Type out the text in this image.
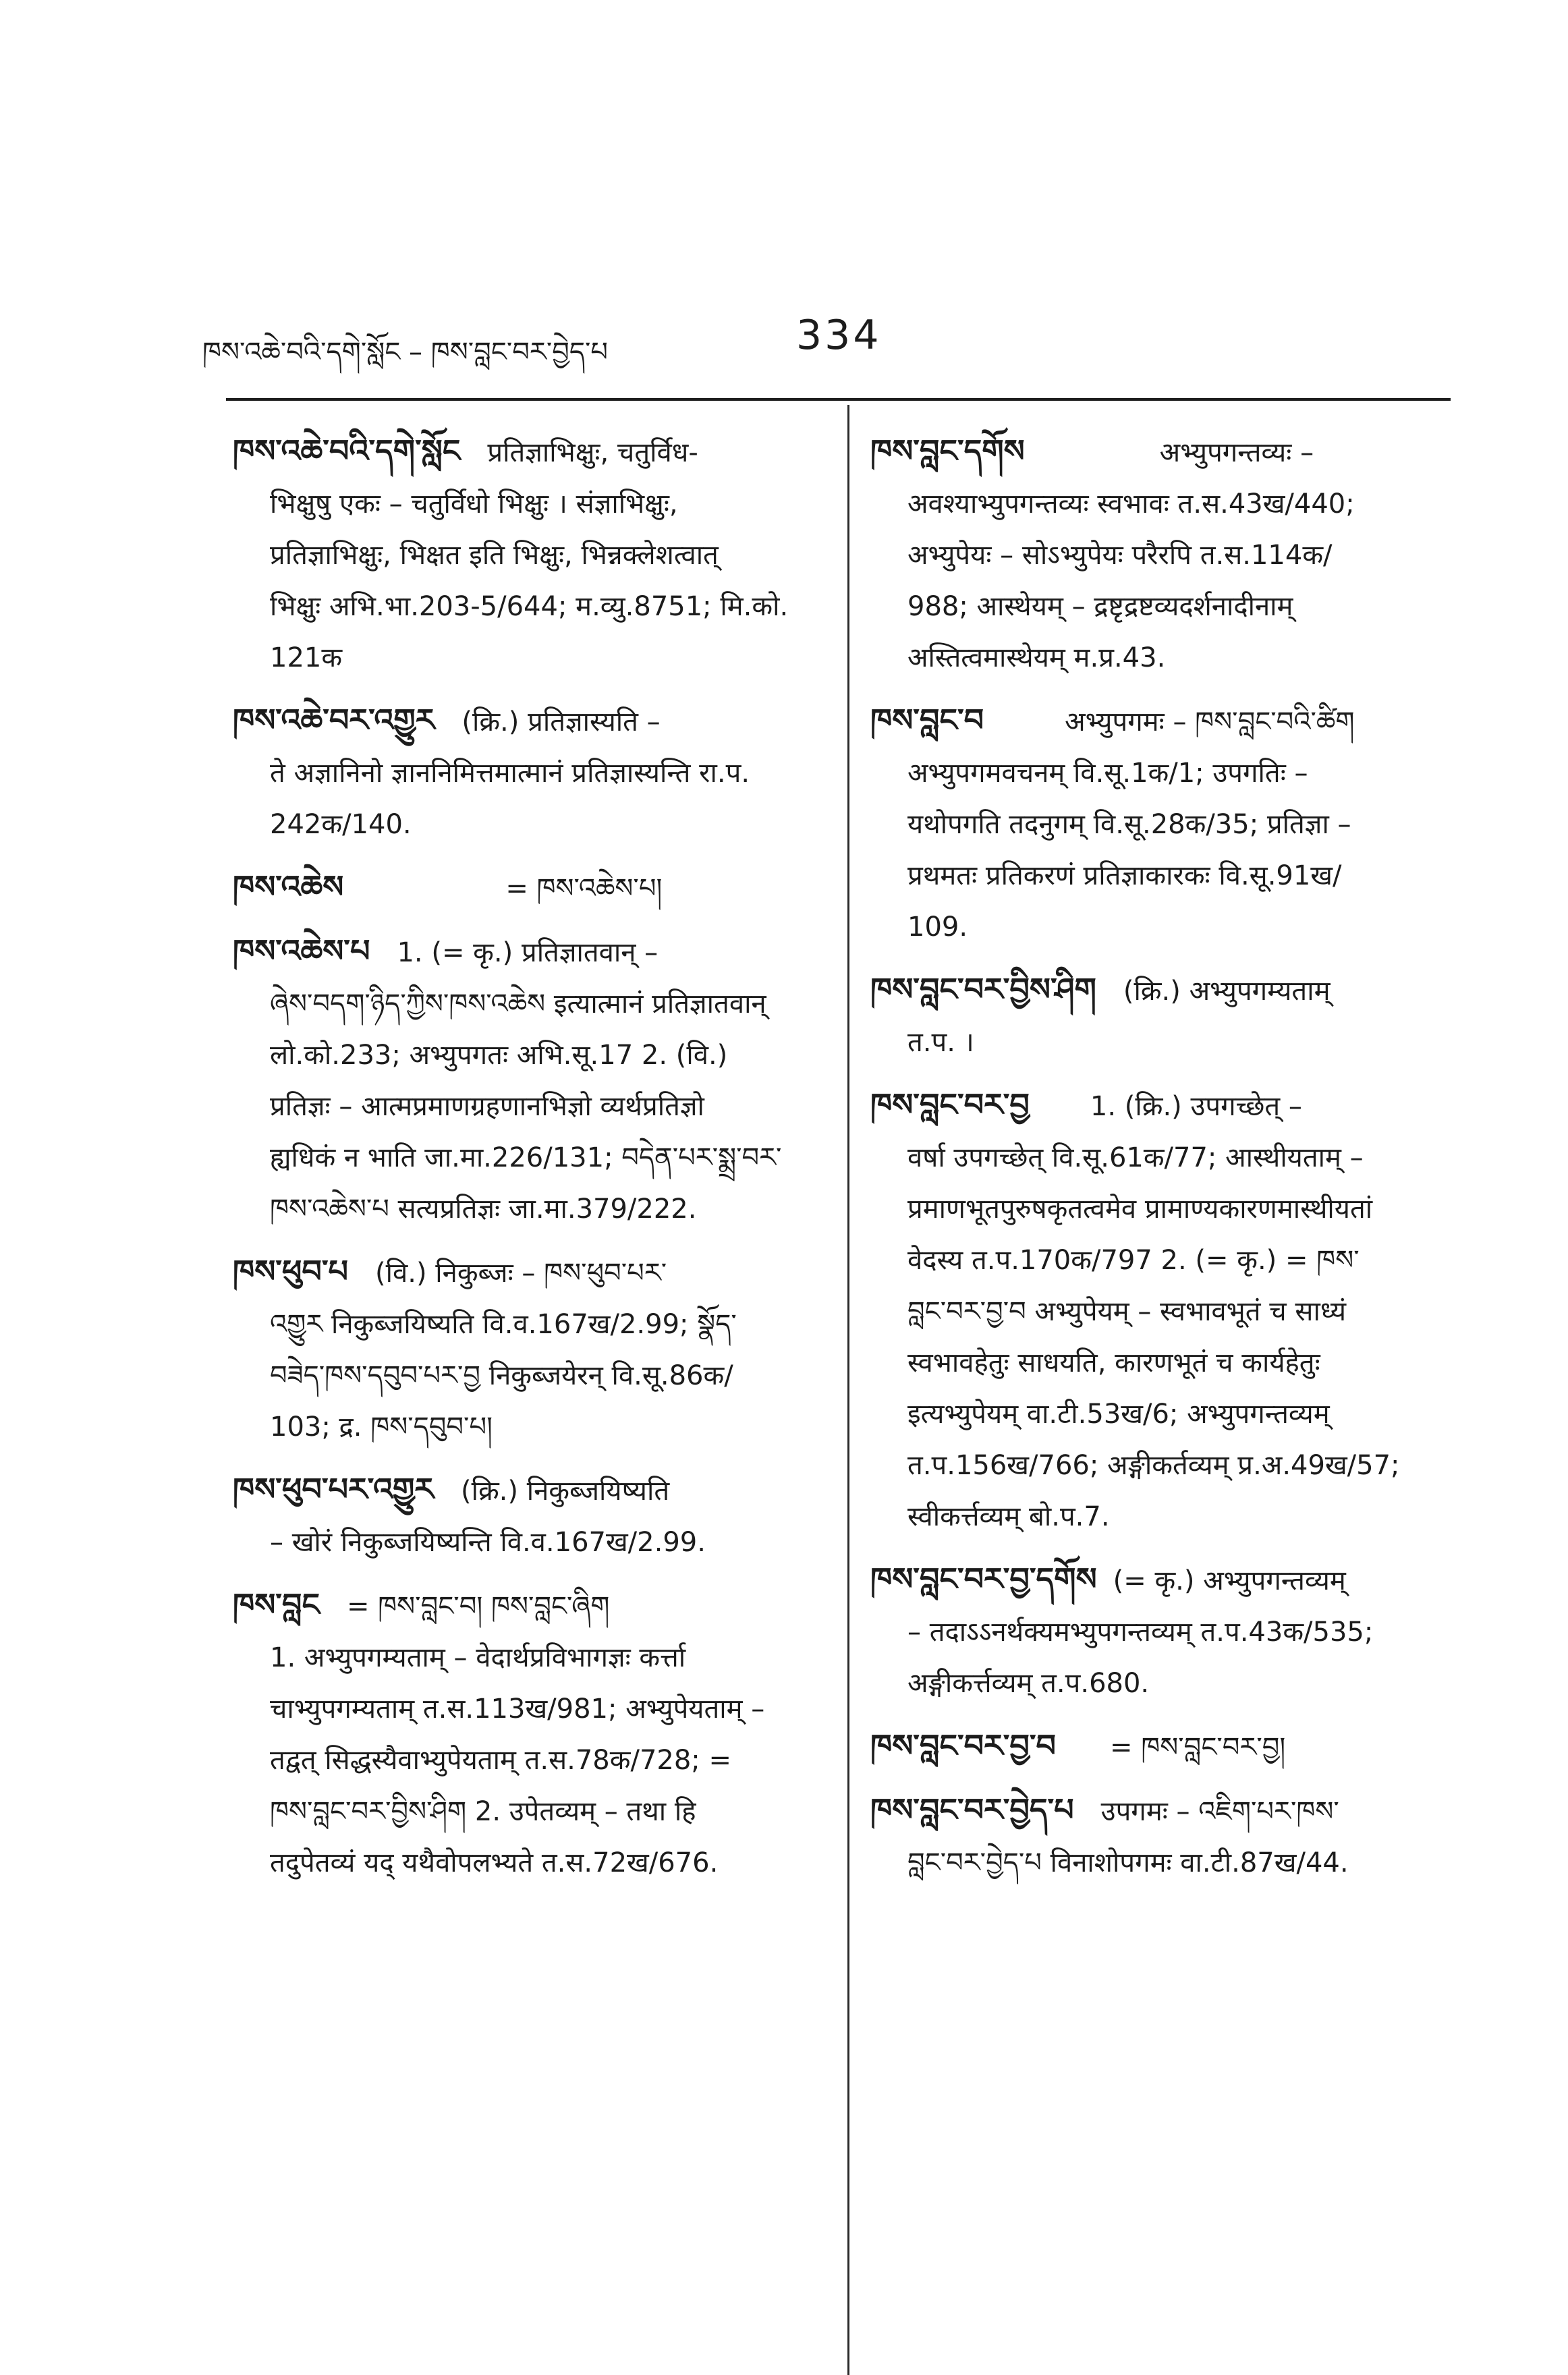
ཁས་འཆེ་བའི་དགེ་སློང – ཁས་བླང་བར་བྱེད་པ	334
ཁས་འཆེ་བའི་དགེ་སློང प्रतिज्ञाभिक्षुः, चतुर्विध-
भिक्षुषु एकः – चतुर्विधो भिक्षुः । संज्ञाभिक्षुः,
प्रतिज्ञाभिक्षुः, भिक्षत इति भिक्षुः, भिन्नक्लेशत्वात्
भिक्षुः अभि.भा.203-5/644; म.व्यु.8751; मि.को.
121क
ཁས་འཆེ་བར་འགྱུར (क्रि.) प्रतिज्ञास्यति –
ते अज्ञानिनो ज्ञाननिमित्तमात्मानं प्रतिज्ञास्यन्ति रा.प.
242क/140.
ཁས་འཆེས	= ཁས་འཆེས་པ།
ཁས་འཆེས་པ 1. (= कृ.) प्रतिज्ञातवान् –
ཞེས་བདག་ཉིད་ཀྱིས་ཁས་འཆེས इत्यात्मानं प्रतिज्ञातवान्
लो.को.233; अभ्युपगतः अभि.सू.17 2. (वि.)
प्रतिज्ञः – आत्मप्रमाणग्रहणानभिज्ञो व्यर्थप्रतिज्ञो
ह्यधिकं न भाति जा.मा.226/131; བདེན་པར་སྨྲ་བར་
ཁས་འཆེས་པ सत्यप्रतिज्ञः जा.मा.379/222.
ཁས་ཕུབ་པ (वि.) निकुब्जः – ཁས་ཕུབ་པར་
འགྱུར निकुब्जयिष्यति वि.व.167ख/2.99; སྣོད་
བཟེད་ཁས་དབུབ་པར་བྱ निकुब्जयेरन् वि.सू.86क/
103; द्र. ཁས་དབུབ་པ།
ཁས་ཕུབ་པར་འགྱུར (क्रि.) निकुब्जयिष्यति
– खोरं निकुब्जयिष्यन्ति वि.व.167ख/2.99.
ཁས་བླང = ཁས་བླང་བ། ཁས་བླང་ཞིག
1. अभ्युपगम्यताम् – वेदार्थप्रविभागज्ञः कर्त्ता
चाभ्युपगम्यताम् त.स.113ख/981; अभ्युपेयताम् –
तद्वत् सिद्धस्यैवाभ्युपेयताम् त.स.78क/728; =
ཁས་བླང་བར་བྱིས་ཤིག 2. उपेतव्यम् – तथा हि
तदुपेतव्यं यद् यथैवोपलभ्यते त.स.72ख/676.
ཁས་བླང་དགོས	अभ्युपगन्तव्यः –
अवश्याभ्युपगन्तव्यः स्वभावः त.स.43ख/440;
अभ्युपेयः – सोऽभ्युपेयः परैरपि त.स.114क/
988; आस्थेयम् – द्रष्टृद्रष्टव्यदर्शनादीनाम्
अस्तित्वमास्थेयम् म.प्र.43.
ཁས་བླང་བ	अभ्युपगमः – ཁས་བླང་བའི་ཚིག
अभ्युपगमवचनम् वि.सू.1क/1; उपगतिः –
यथोपगति तदनुगम् वि.सू.28क/35; प्रतिज्ञा –
प्रथमतः प्रतिकरणं प्रतिज्ञाकारकः वि.सू.91ख/
109.
ཁས་བླང་བར་བྱིས་ཤིག (क्रि.) अभ्युपगम्यताम्
त.प. ।
ཁས་བླང་བར་བྱ 1. (क्रि.) उपगच्छेत् –
वर्षा उपगच्छेत् वि.सू.61क/77; आस्थीयताम् –
प्रमाणभूतपुरुषकृतत्वमेव प्रामाण्यकारणमास्थीयतां
वेदस्य त.प.170क/797 2. (= कृ.) = ཁས་
བླང་བར་བྱ་བ अभ्युपेयम् – स्वभावभूतं च साध्यं
स्वभावहेतुः साधयति, कारणभूतं च कार्यहेतुः
इत्यभ्युपेयम् वा.टी.53ख/6; अभ्युपगन्तव्यम्
त.प.156ख/766; अङ्गीकर्तव्यम् प्र.अ.49ख/57;
स्वीकर्त्तव्यम् बो.प.7.
ཁས་བླང་བར་བྱ་དགོས (= कृ.) अभ्युपगन्तव्यम्
– तदाऽऽनर्थक्यमभ्युपगन्तव्यम् त.प.43क/535;
अङ्गीकर्त्तव्यम् त.प.680.
ཁས་བླང་བར་བྱ་བ = ཁས་བླང་བར་བྱ།
ཁས་བླང་བར་བྱེད་པ उपगमः – འཇིག་པར་ཁས་
བླང་བར་བྱེད་པ विनाशोपगमः वा.टी.87ख/44.
